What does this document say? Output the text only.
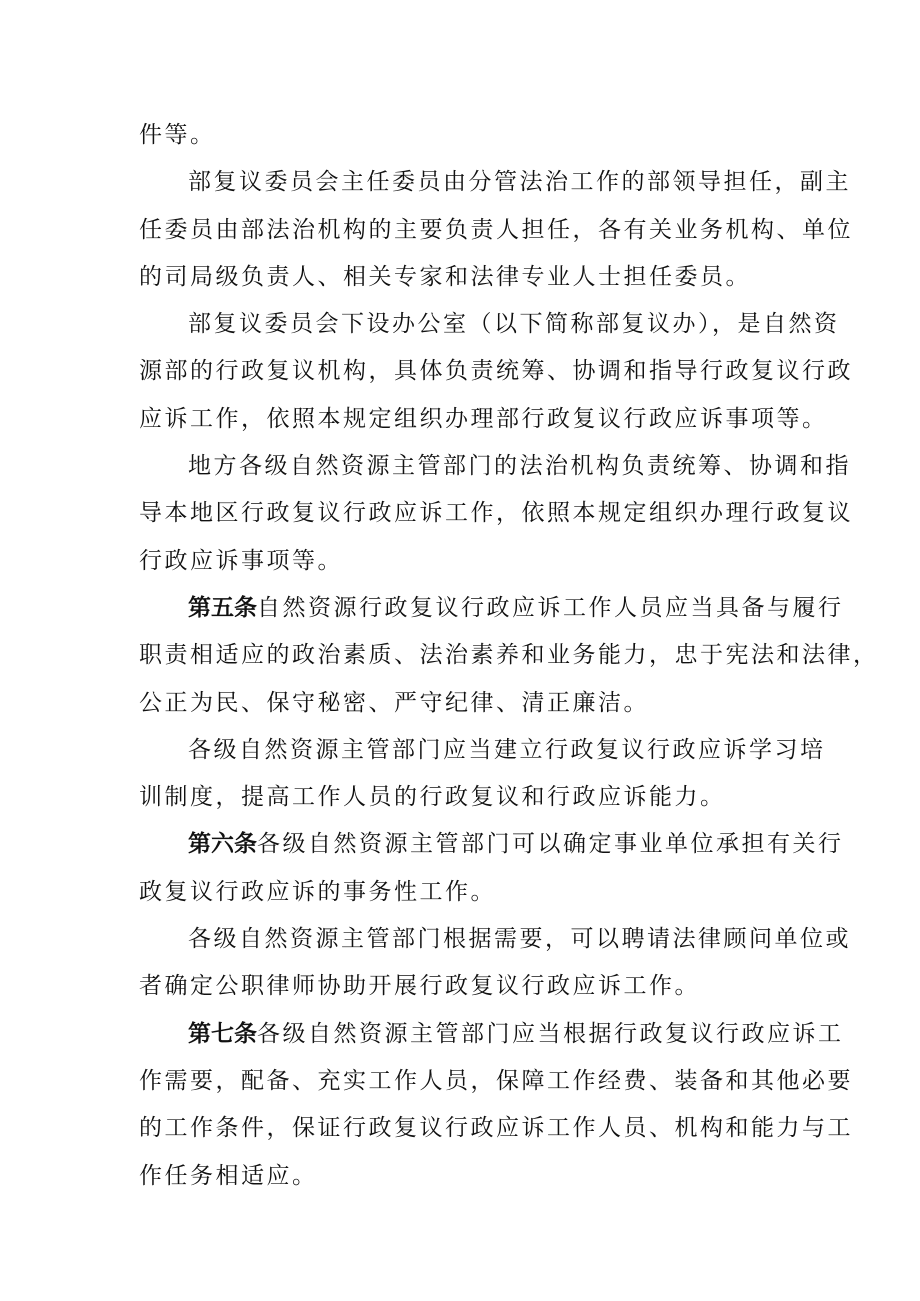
件等。
部复议委员会主任委员由分管法治工作的部领导担任，副主
任委员由部法治机构的主要负责人担任，各有关业务机构、单位
的司局级负责人、相关专家和法律专业人士担任委员。
部复议委员会下设办公室（以下简称部复议办），是自然资
源部的行政复议机构，具体负责统筹、协调和指导行政复议行政
应诉工作，依照本规定组织办理部行政复议行政应诉事项等。
地方各级自然资源主管部门的法治机构负责统筹、协调和指
导本地区行政复议行政应诉工作，依照本规定组织办理行政复议
行政应诉事项等。
第五条自然资源行政复议行政应诉工作人员应当具备与履行
职责相适应的政治素质、法治素养和业务能力，忠于宪法和法律，
公正为民、保守秘密、严守纪律、清正廉洁。
各级自然资源主管部门应当建立行政复议行政应诉学习培
训制度，提高工作人员的行政复议和行政应诉能力。
第六条各级自然资源主管部门可以确定事业单位承担有关行
政复议行政应诉的事务性工作。
各级自然资源主管部门根据需要，可以聘请法律顾问单位或
者确定公职律师协助开展行政复议行政应诉工作。
第七条各级自然资源主管部门应当根据行政复议行政应诉工
作需要，配备、充实工作人员，保障工作经费、装备和其他必要
的工作条件，保证行政复议行政应诉工作人员、机构和能力与工
作任务相适应。
